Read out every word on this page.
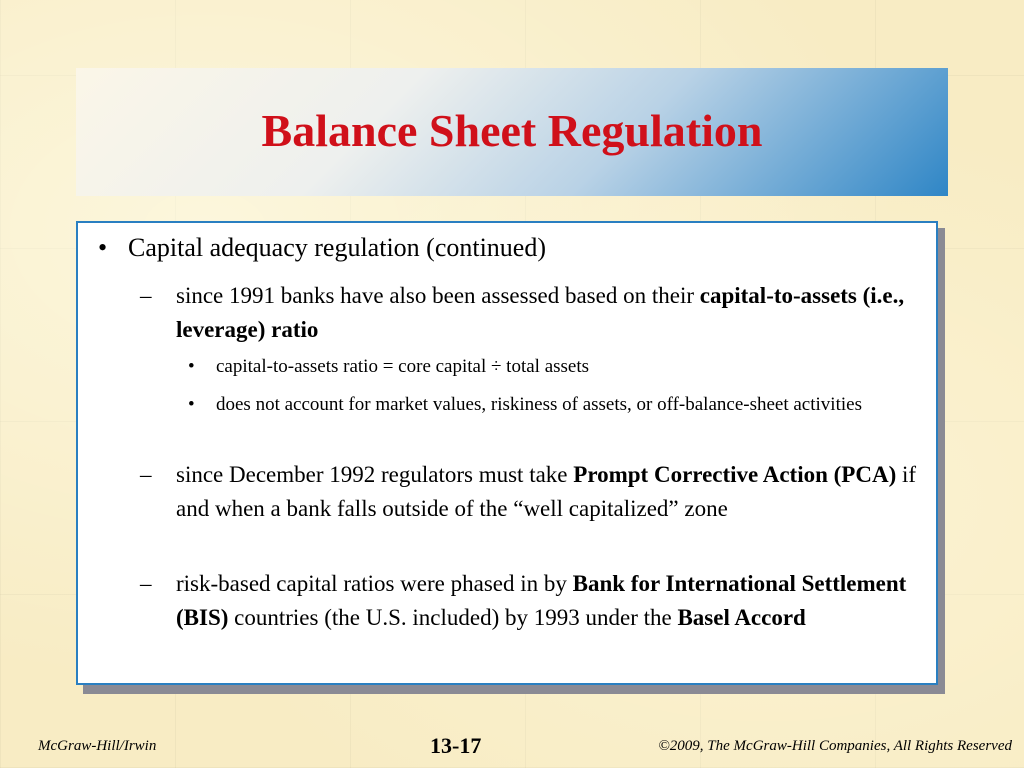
Balance Sheet Regulation
• Capital adequacy regulation (continued)
–	since 1991 banks have also been assessed based on their capital-to-assets (i.e., leverage) ratio
•	capital-to-assets ratio = core capital ÷ total assets
•	does not account for market values, riskiness of assets, or off-balance-sheet activities
–	since December 1992 regulators must take Prompt Corrective Action (PCA) if and when a bank falls outside of the “well capitalized” zone
–	risk-based capital ratios were phased in by Bank for International Settlement (BIS) countries (the U.S. included) by 1993 under the Basel Accord
McGraw-Hill/Irwin	13-17	©2009, The McGraw-Hill Companies, All Rights Reserved
